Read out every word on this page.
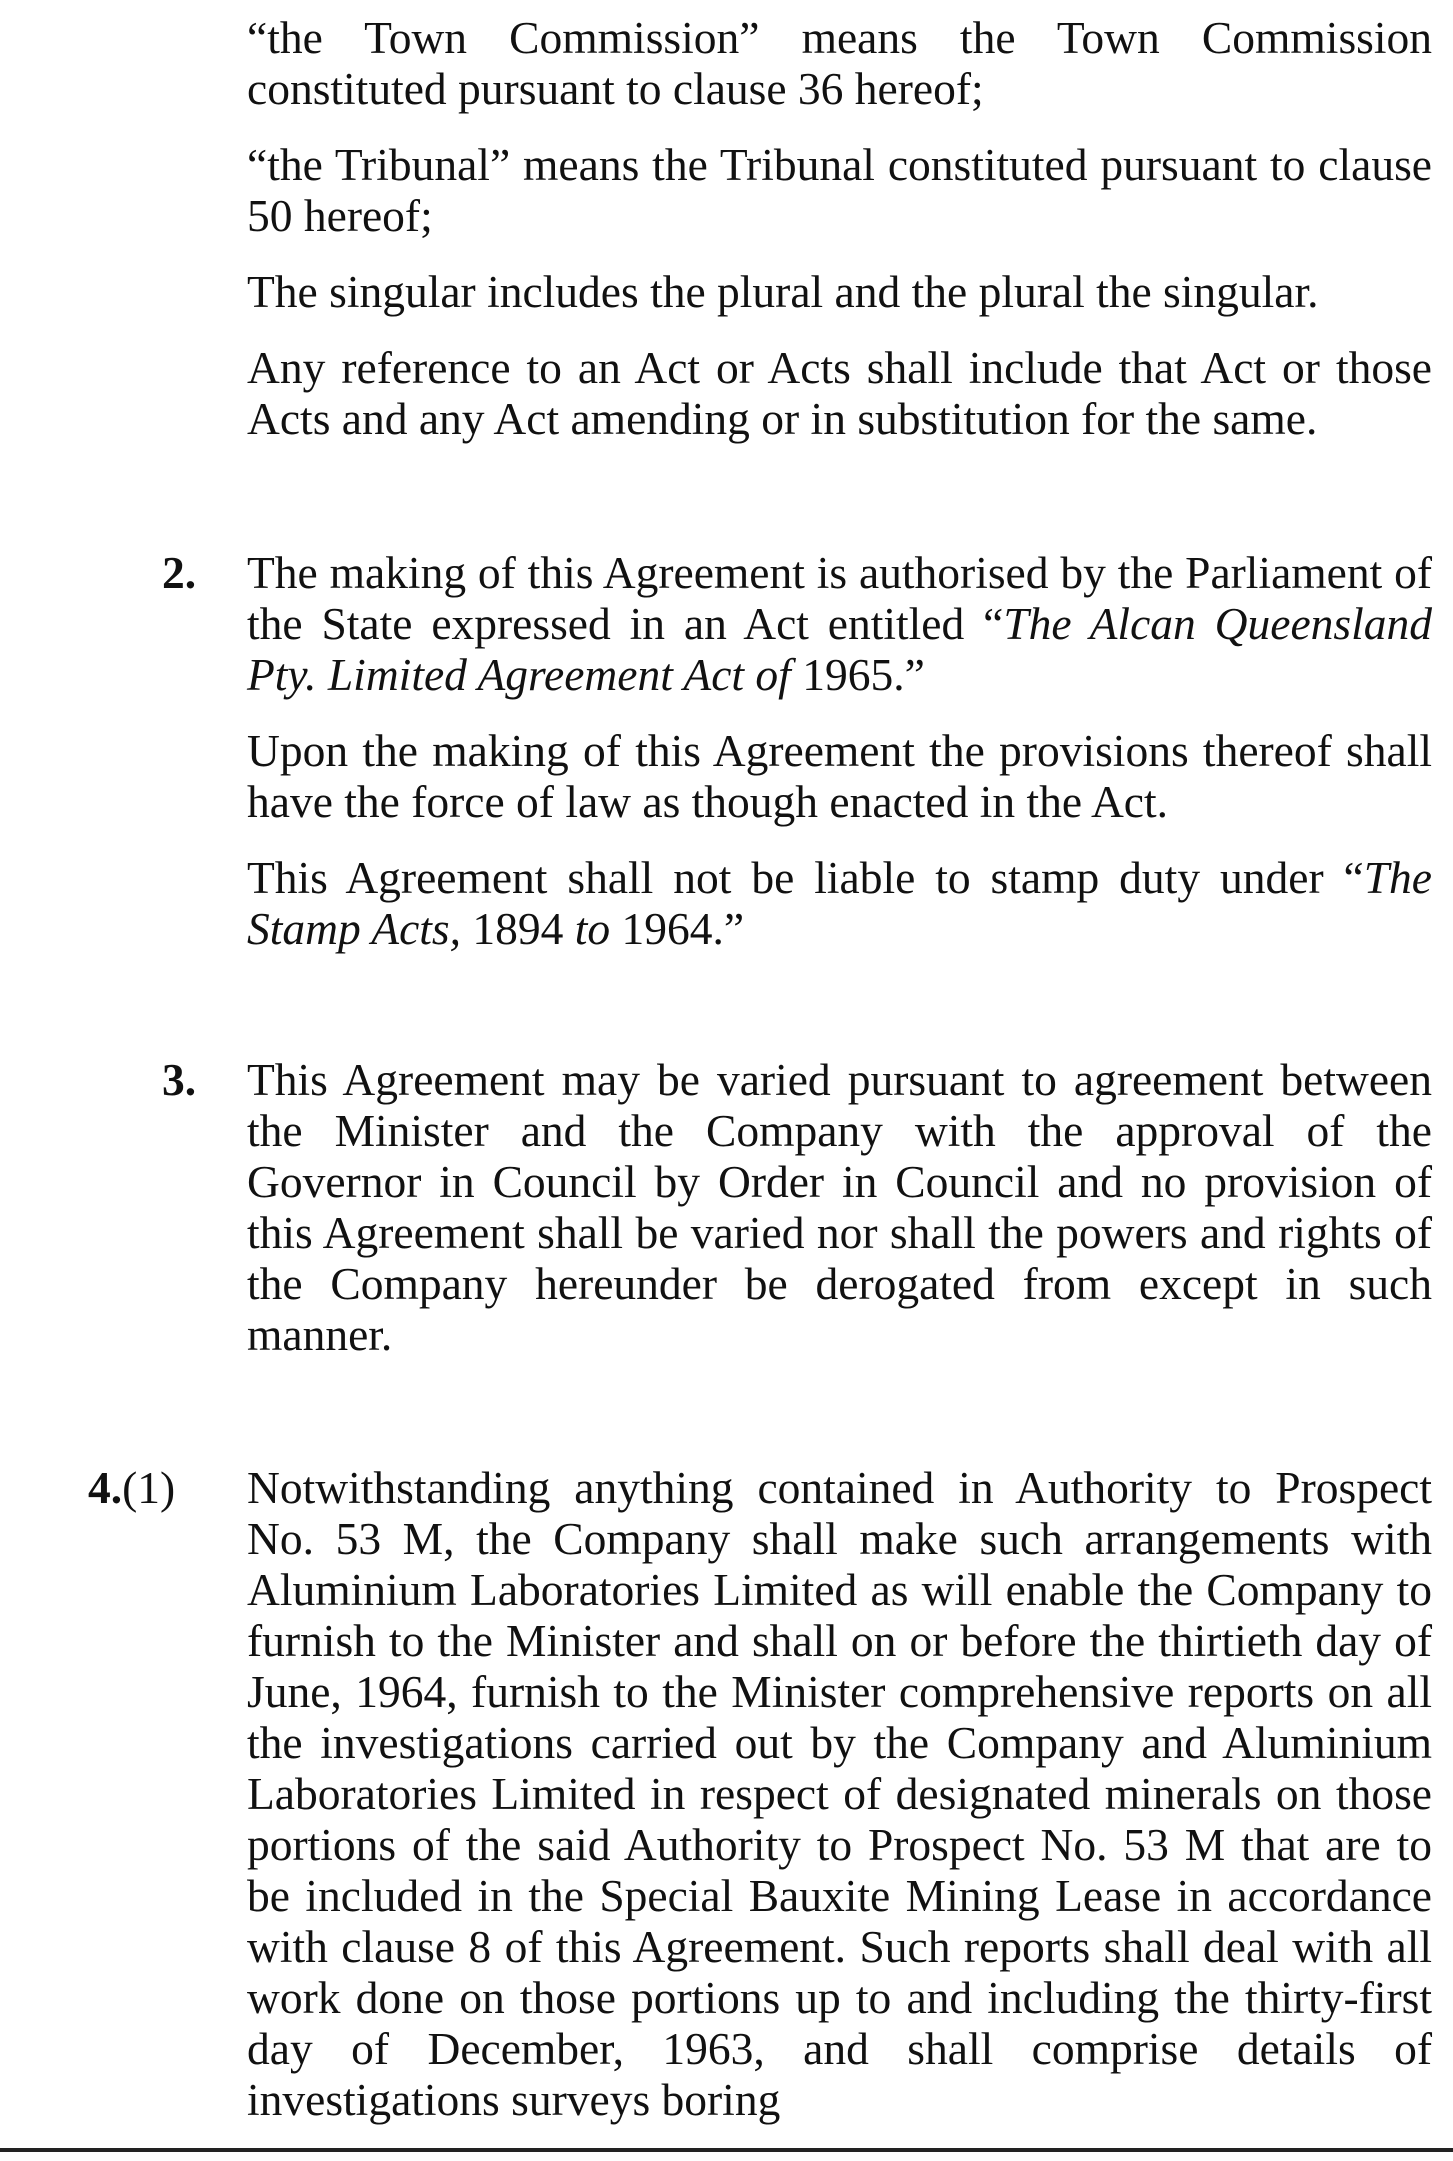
“the Town Commission” means the Town Commission constituted pursuant to clause 36 hereof;

“the Tribunal” means the Tribunal constituted pursuant to clause 50 hereof;

The singular includes the plural and the plural the singular.

Any reference to an Act or Acts shall include that Act or those Acts and any Act amending or in substitution for the same.

2. The making of this Agreement is authorised by the Parliament of the State expressed in an Act entitled “The Alcan Queensland Pty. Limited Agreement Act of 1965.”

Upon the making of this Agreement the provisions thereof shall have the force of law as though enacted in the Act.

This Agreement shall not be liable to stamp duty under “The Stamp Acts, 1894 to 1964.”

3. This Agreement may be varied pursuant to agreement between the Minister and the Company with the approval of the Governor in Council by Order in Council and no provision of this Agreement shall be varied nor shall the powers and rights of the Company hereunder be derogated from except in such manner.

4.(1) Notwithstanding anything contained in Authority to Prospect No. 53 M, the Company shall make such arrangements with Aluminium Laboratories Limited as will enable the Company to furnish to the Minister and shall on or before the thirtieth day of June, 1964, furnish to the Minister comprehensive reports on all the investigations carried out by the Company and Aluminium Laboratories Limited in respect of designated minerals on those portions of the said Authority to Prospect No. 53 M that are to be included in the Special Bauxite Mining Lease in accordance with clause 8 of this Agreement. Such reports shall deal with all work done on those portions up to and including the thirty-first day of December, 1963, and shall comprise details of investigations surveys boring
